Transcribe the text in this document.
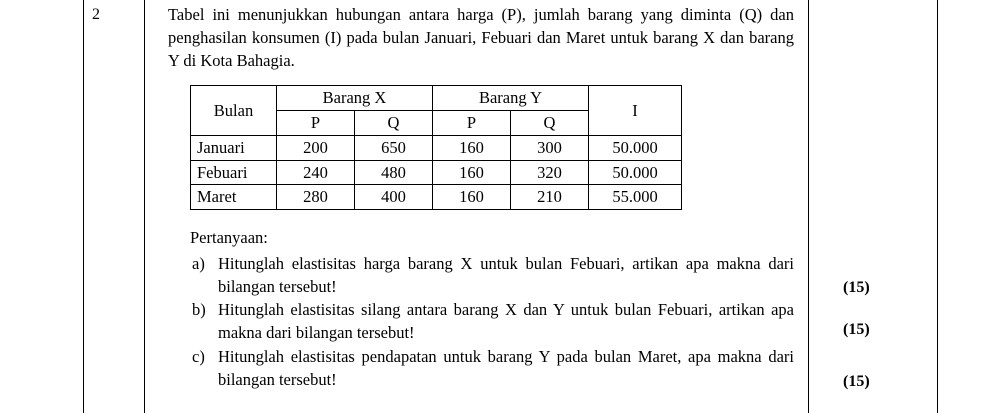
2	Tabel ini menunjukkan hubungan antara harga (P), jumlah barang yang diminta (Q) dan penghasilan konsumen (I) pada bulan Januari, Febuari dan Maret untuk barang X dan barang Y di Kota Bahagia.

Bulan	Barang X		Barang Y		I
	P	Q	P	Q	
Januari	200	650	160	300	50.000
Febuari	240	480	160	320	50.000
Maret	280	400	160	210	55.000
Pertanyaan:
a) Hitunglah elastisitas harga barang X untuk bulan Febuari, artikan apa makna dari bilangan tersebut!
b) Hitunglah elastisitas silang antara barang X dan Y untuk bulan Febuari, artikan apa makna dari bilangan tersebut!
c) Hitunglah elastisitas pendapatan untuk barang Y pada bulan Maret, apa makna dari bilangan tersebut!
(15)
(15)
(15)
